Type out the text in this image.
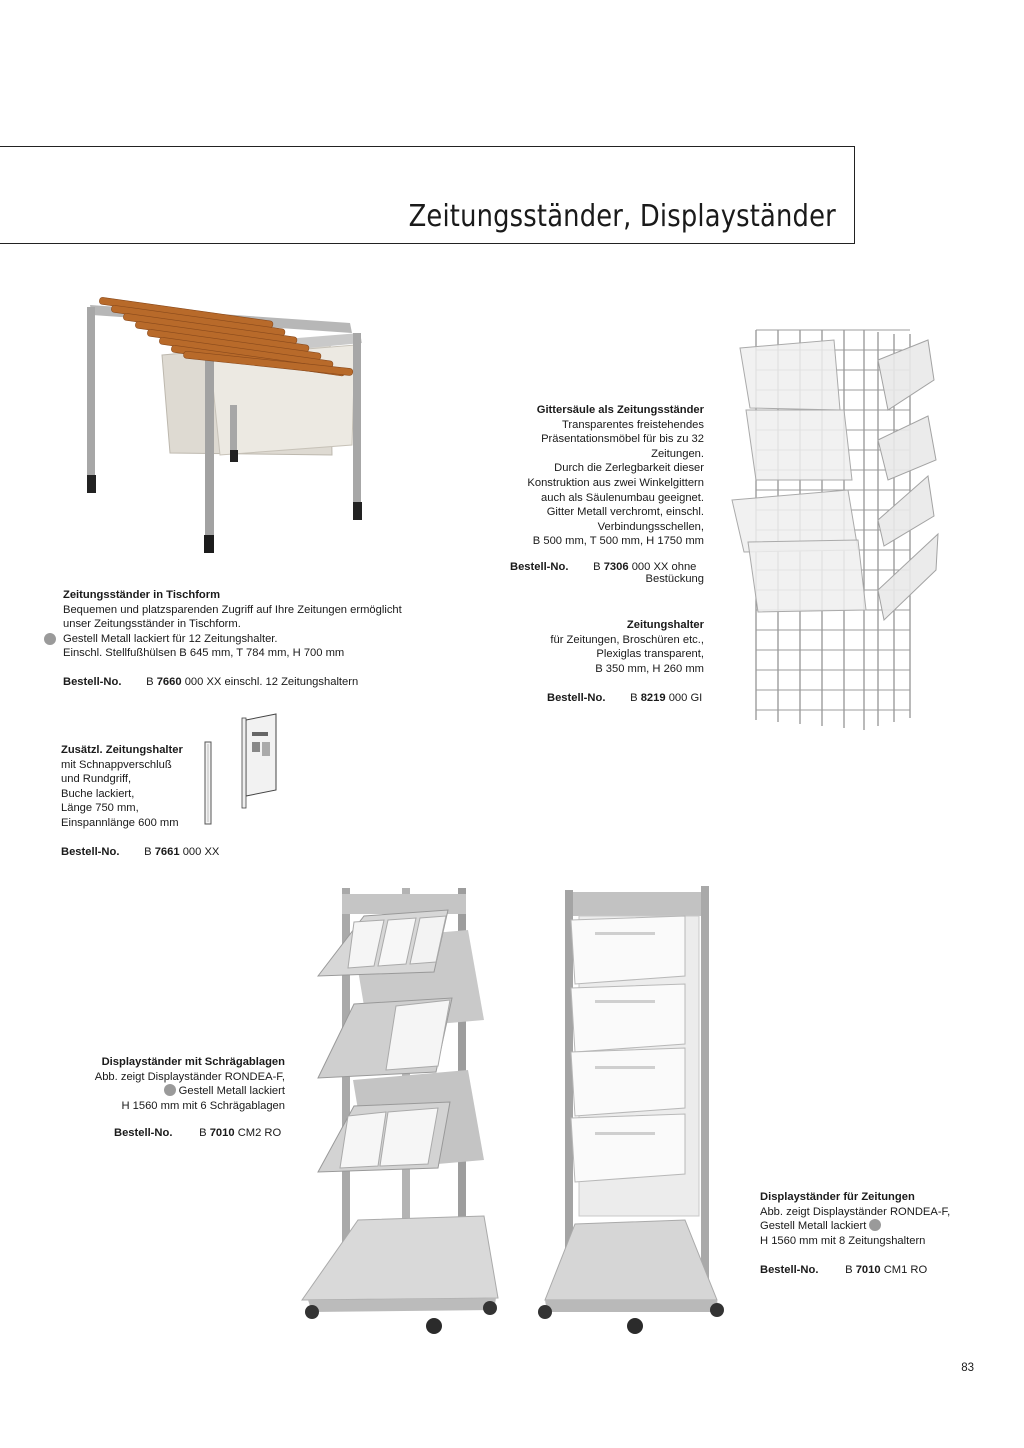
Zeitungsständer, Displayständer
Zeitungsständer in Tischform
Bequemen und platzsparenden Zugriff auf Ihre Zeitungen ermöglicht
unser Zeitungsständer in Tischform.
Gestell Metall lackiert für 12 Zeitungshalter.
Einschl. Stellfußhülsen B 645 mm, T 784 mm, H 700 mm
Bestell-No. B 7660 000 XX einschl. 12 Zeitungshaltern
Zusätzl. Zeitungshalter
mit Schnappverschluß
und Rundgriff,
Buche lackiert,
Länge 750 mm,
Einspannlänge 600 mm
Bestell-No. B 7661 000 XX
Gittersäule als Zeitungsständer
Transparentes freistehendes
Präsentationsmöbel für bis zu 32
Zeitungen.
Durch die Zerlegbarkeit dieser
Konstruktion aus zwei Winkelgittern
auch als Säulenumbau geeignet.
Gitter Metall verchromt, einschl.
Verbindungsschellen,
B 500 mm, T 500 mm, H 1750 mm
Bestell-No. B 7306 000 XX ohne
Bestückung
Zeitungshalter
für Zeitungen, Broschüren etc.,
Plexiglas transparent,
B 350 mm, H 260 mm
Bestell-No. B 8219 000 GI
Displayständer mit Schrägablagen
Abb. zeigt Displayständer RONDEA-F,
Gestell Metall lackiert
H 1560 mm mit 6 Schrägablagen
Bestell-No. B 7010 CM2 RO
Displayständer für Zeitungen
Abb. zeigt Displayständer RONDEA-F,
Gestell Metall lackiert
H 1560 mm mit 8 Zeitungshaltern
Bestell-No. B 7010 CM1 RO
83
